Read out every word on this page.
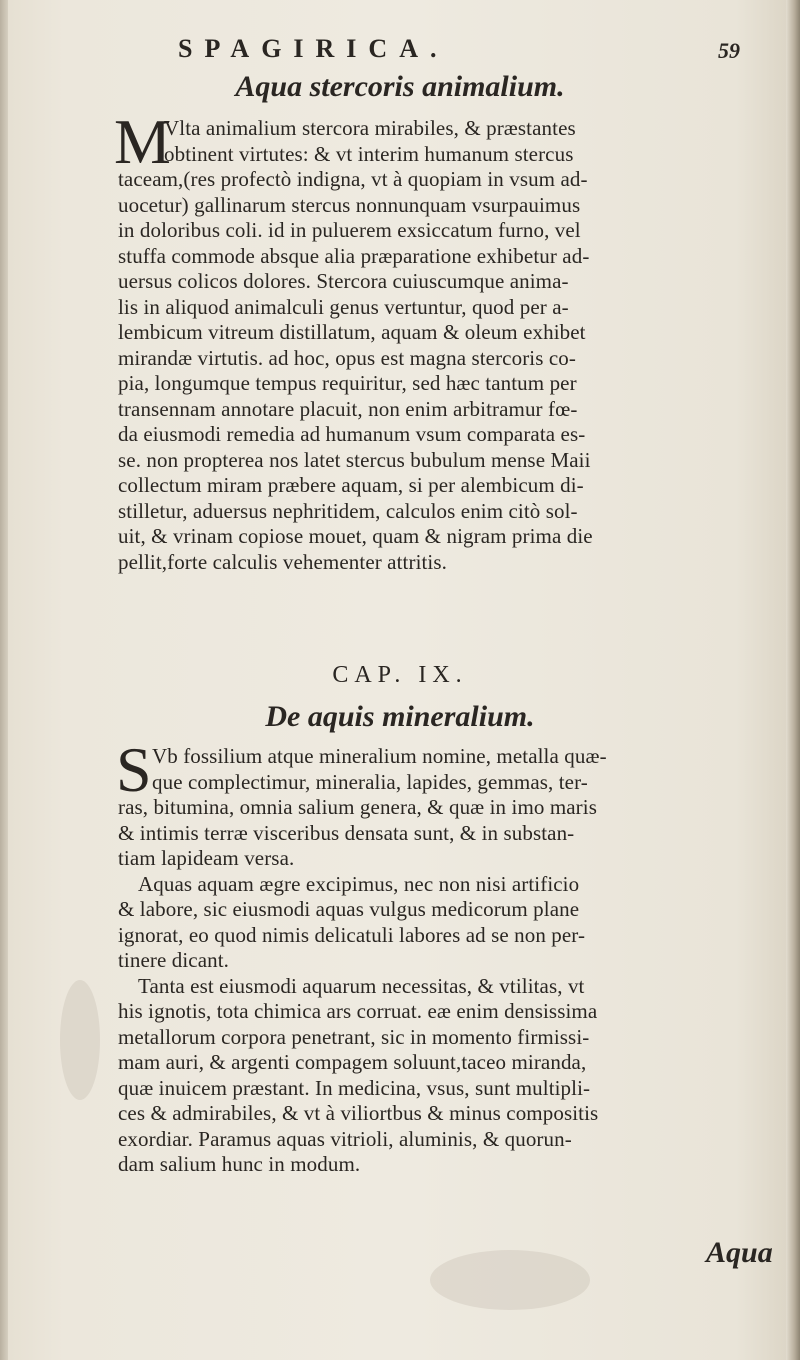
SPAGIRICA.	59
Aqua stercoris animalium.
M
Vlta animalium stercora mirabiles, & præstantes
obtinent virtutes: & vt interim humanum stercus
taceam,(res profectò indigna, vt à quopiam in vsum ad-
uocetur) gallinarum stercus nonnunquam vsurpauimus
in doloribus coli. id in puluerem exsiccatum furno, vel
stuffa commode absque alia præparatione exhibetur ad-
uersus colicos dolores. Stercora cuiuscumque anima-
lis in aliquod animalculi genus vertuntur, quod per a-
lembicum vitreum distillatum, aquam & oleum exhibet
mirandæ virtutis. ad hoc, opus est magna stercoris co-
pia, longumque tempus requiritur, sed hæc tantum per
transennam annotare placuit, non enim arbitramur fœ-
da eiusmodi remedia ad humanum vsum comparata es-
se. non propterea nos latet stercus bubulum mense Maii
collectum miram præbere aquam, si per alembicum di-
stilletur, aduersus nephritidem, calculos enim citò sol-
uit, & vrinam copiose mouet, quam & nigram prima die
pellit,forte calculis vehementer attritis.
CAP. IX.
De aquis mineralium.
S Vb fossilium atque mineralium nomine, metalla quæ-
que complectimur, mineralia, lapides, gemmas, ter-
ras, bitumina, omnia salium genera, & quæ in imo maris
& intimis terræ visceribus densata sunt, & in substan-
tiam lapideam versa.
Aquas aquam ægre excipimus, nec non nisi artificio
& labore, sic eiusmodi aquas vulgus medicorum plane
ignorat, eo quod nimis delicatuli labores ad se non per-
tinere dicant.
Tanta est eiusmodi aquarum necessitas, & vtilitas, vt
his ignotis, tota chimica ars corruat. eæ enim densissima
metallorum corpora penetrant, sic in momento firmissi-
mam auri, & argenti compagem soluunt,taceo miranda,
quæ inuicem præstant. In medicina, vsus, sunt multipli-
ces & admirabiles, & vt à viliortbus & minus compositis
exordiar. Paramus aquas vitrioli, aluminis, & quorun-
dam salium hunc in modum.
Aqua
